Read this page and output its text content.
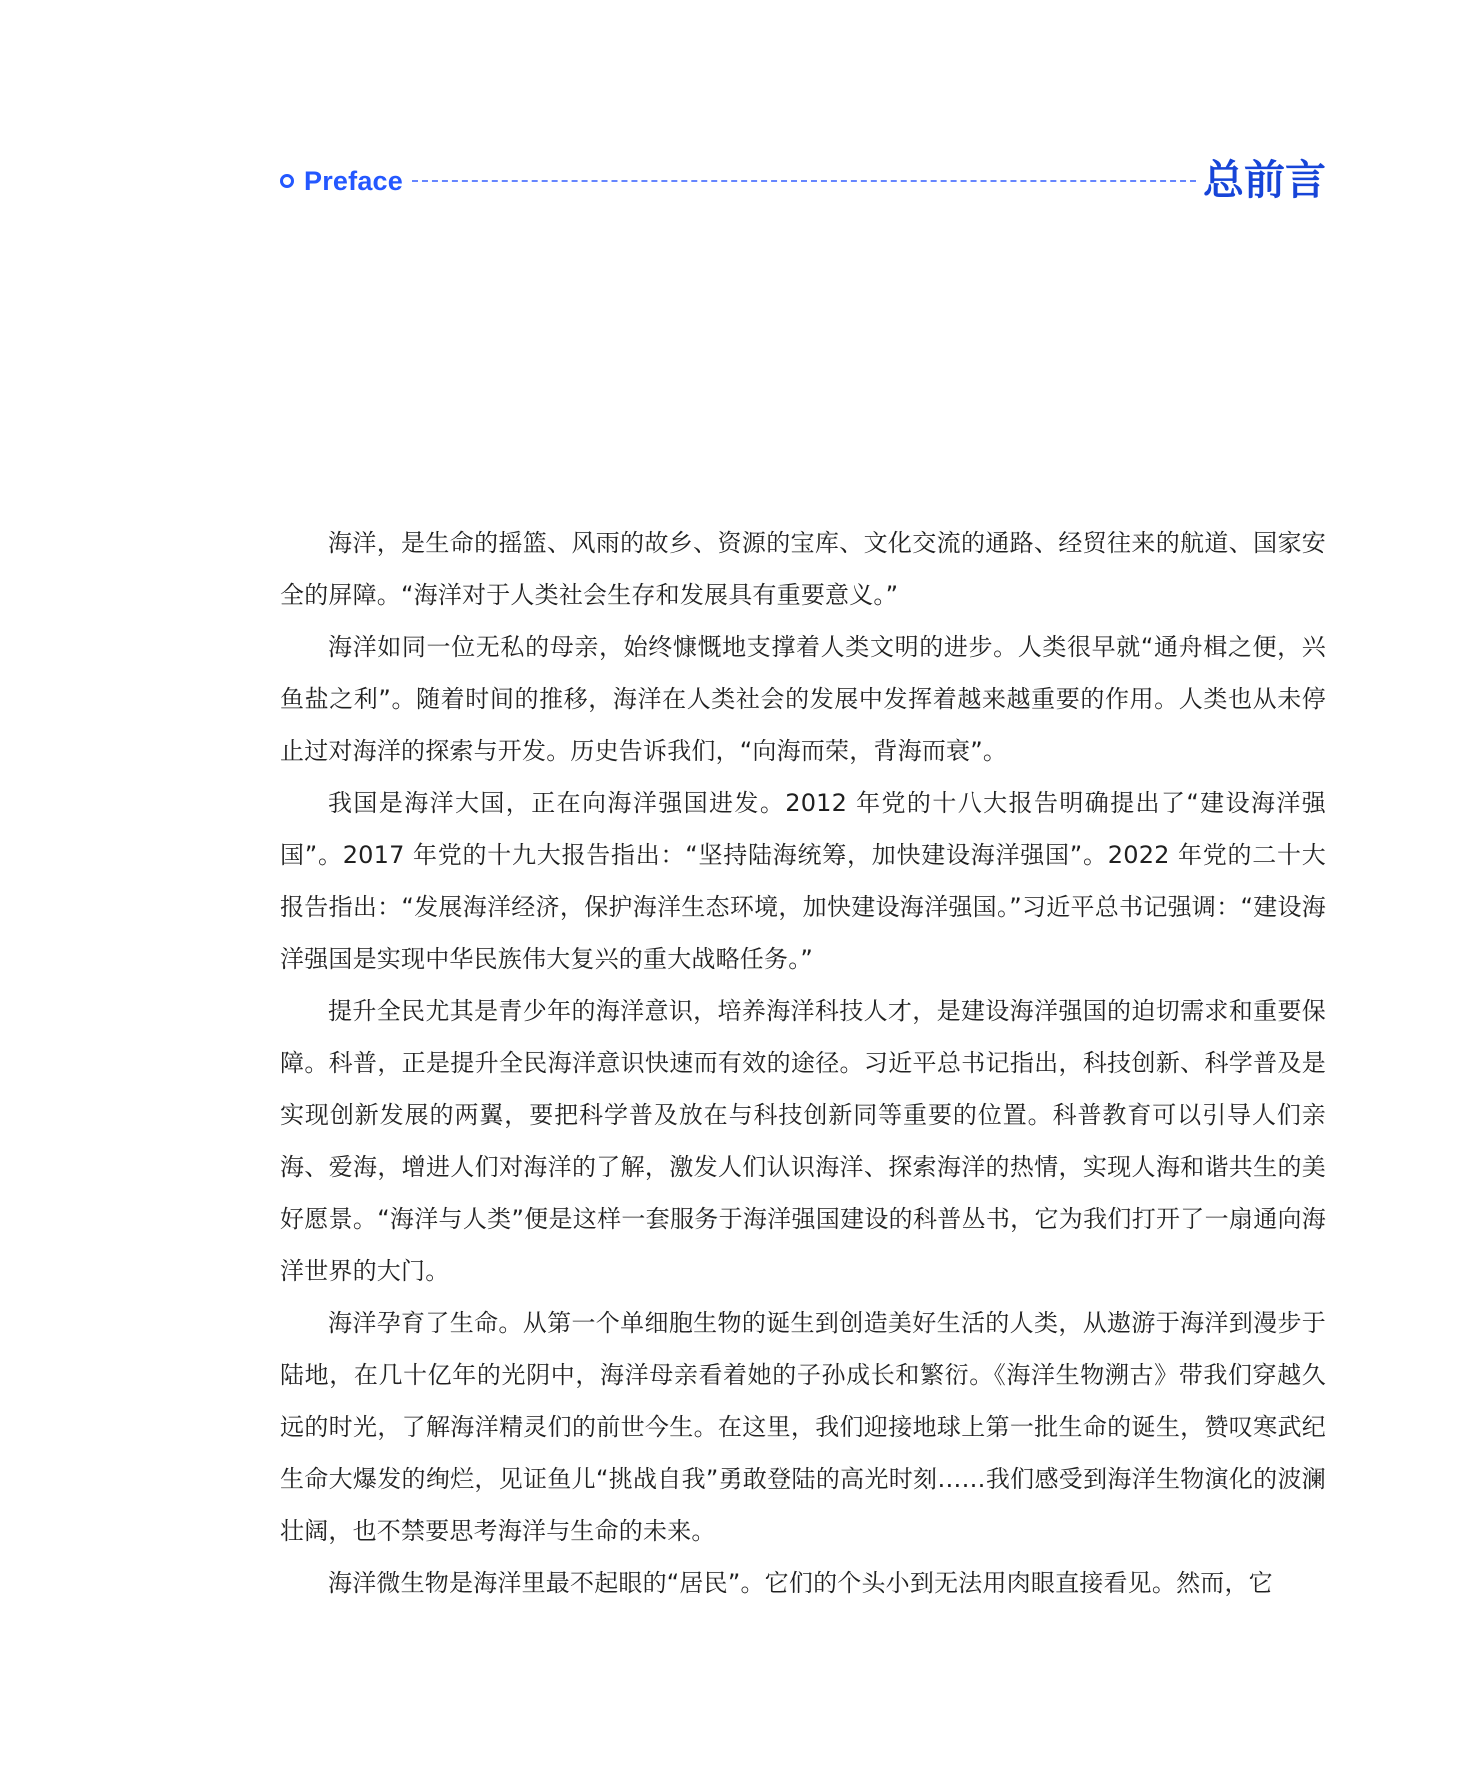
Preface	总前言

海洋，是生命的摇篮、风雨的故乡、资源的宝库、文化交流的通路、经贸往来的航道、国家安全的屏障。“海洋对于人类社会生存和发展具有重要意义。”

海洋如同一位无私的母亲，始终慷慨地支撑着人类文明的进步。人类很早就“通舟楫之便，兴鱼盐之利”。随着时间的推移，海洋在人类社会的发展中发挥着越来越重要的作用。人类也从未停止过对海洋的探索与开发。历史告诉我们，“向海而荣，背海而衰”。

我国是海洋大国，正在向海洋强国进发。2012 年党的十八大报告明确提出了“建设海洋强国”。2017 年党的十九大报告指出：“坚持陆海统筹，加快建设海洋强国”。2022 年党的二十大报告指出：“发展海洋经济，保护海洋生态环境，加快建设海洋强国。”习近平总书记强调：“建设海洋强国是实现中华民族伟大复兴的重大战略任务。”

提升全民尤其是青少年的海洋意识，培养海洋科技人才，是建设海洋强国的迫切需求和重要保障。科普，正是提升全民海洋意识快速而有效的途径。习近平总书记指出，科技创新、科学普及是实现创新发展的两翼，要把科学普及放在与科技创新同等重要的位置。科普教育可以引导人们亲海、爱海，增进人们对海洋的了解，激发人们认识海洋、探索海洋的热情，实现人海和谐共生的美好愿景。“海洋与人类”便是这样一套服务于海洋强国建设的科普丛书，它为我们打开了一扇通向海洋世界的大门。

海洋孕育了生命。从第一个单细胞生物的诞生到创造美好生活的人类，从遨游于海洋到漫步于陆地，在几十亿年的光阴中，海洋母亲看着她的子孙成长和繁衍。《海洋生物溯古》带我们穿越久远的时光，了解海洋精灵们的前世今生。在这里，我们迎接地球上第一批生命的诞生，赞叹寒武纪生命大爆发的绚烂，见证鱼儿“挑战自我”勇敢登陆的高光时刻……我们感受到海洋生物演化的波澜壮阔，也不禁要思考海洋与生命的未来。

海洋微生物是海洋里最不起眼的“居民”。它们的个头小到无法用肉眼直接看见。然而，它
